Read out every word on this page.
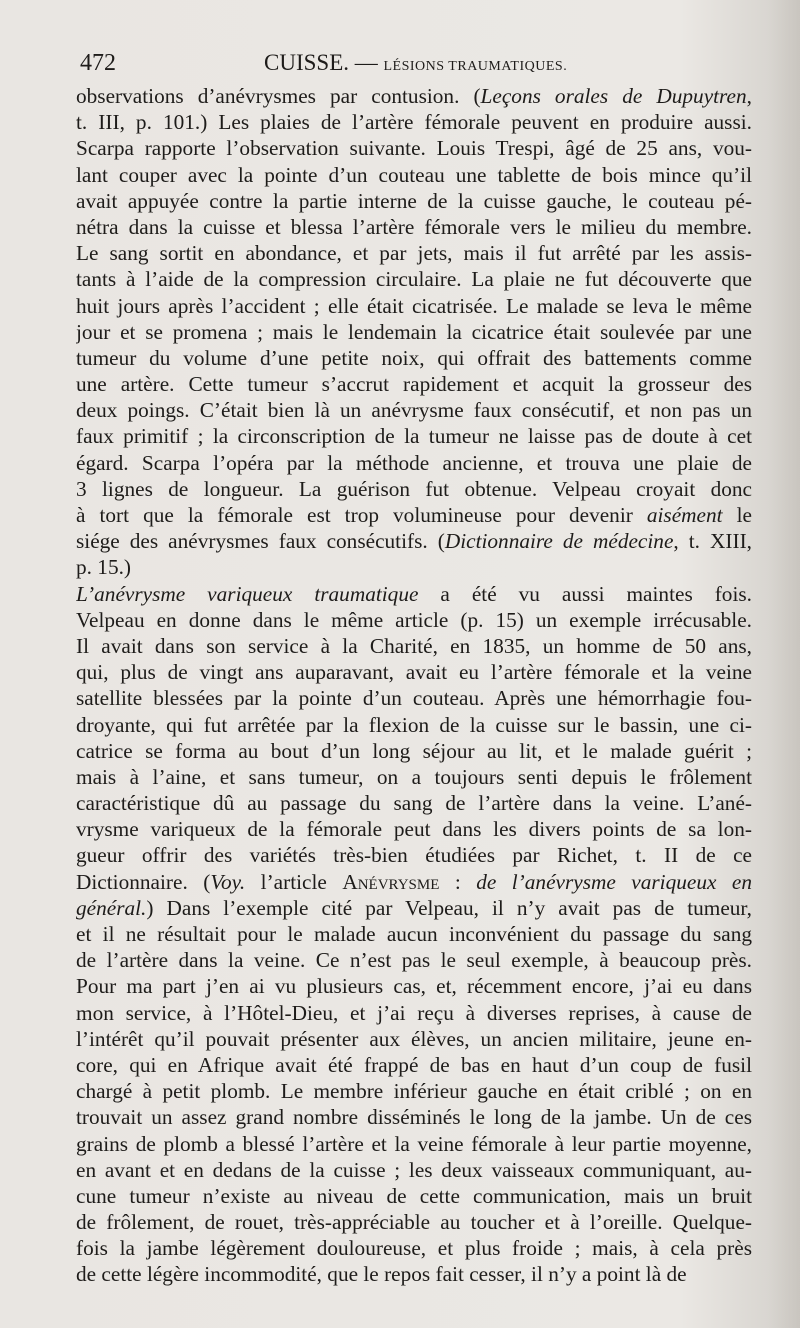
472	CUISSE. — LÉSIONS TRAUMATIQUES.
observations d’anévrysmes par contusion. (Leçons orales de Dupuytren,
t. III, p. 101.) Les plaies de l’artère fémorale peuvent en produire aussi.
Scarpa rapporte l’observation suivante. Louis Trespi, âgé de 25 ans, vou-
lant couper avec la pointe d’un couteau une tablette de bois mince qu’il
avait appuyée contre la partie interne de la cuisse gauche, le couteau pé-
nétra dans la cuisse et blessa l’artère fémorale vers le milieu du membre.
Le sang sortit en abondance, et par jets, mais il fut arrêté par les assis-
tants à l’aide de la compression circulaire. La plaie ne fut découverte que
huit jours après l’accident ; elle était cicatrisée. Le malade se leva le même
jour et se promena ; mais le lendemain la cicatrice était soulevée par une
tumeur du volume d’une petite noix, qui offrait des battements comme
une artère. Cette tumeur s’accrut rapidement et acquit la grosseur des
deux poings. C’était bien là un anévrysme faux consécutif, et non pas un
faux primitif ; la circonscription de la tumeur ne laisse pas de doute à cet
égard. Scarpa l’opéra par la méthode ancienne, et trouva une plaie de
3 lignes de longueur. La guérison fut obtenue. Velpeau croyait donc
à tort que la fémorale est trop volumineuse pour devenir aisément le
siége des anévrysmes faux consécutifs. (Dictionnaire de médecine, t. XIII,
p. 15.)
L’anévrysme variqueux traumatique a été vu aussi maintes fois.
Velpeau en donne dans le même article (p. 15) un exemple irrécusable.
Il avait dans son service à la Charité, en 1835, un homme de 50 ans,
qui, plus de vingt ans auparavant, avait eu l’artère fémorale et la veine
satellite blessées par la pointe d’un couteau. Après une hémorrhagie fou-
droyante, qui fut arrêtée par la flexion de la cuisse sur le bassin, une ci-
catrice se forma au bout d’un long séjour au lit, et le malade guérit ;
mais à l’aine, et sans tumeur, on a toujours senti depuis le frôlement
caractéristique dû au passage du sang de l’artère dans la veine. L’ané-
vrysme variqueux de la fémorale peut dans les divers points de sa lon-
gueur offrir des variétés très-bien étudiées par Richet, t. II de ce
Dictionnaire. (Voy. l’article Anévrysme : de l’anévrysme variqueux en
général.) Dans l’exemple cité par Velpeau, il n’y avait pas de tumeur,
et il ne résultait pour le malade aucun inconvénient du passage du sang
de l’artère dans la veine. Ce n’est pas le seul exemple, à beaucoup près.
Pour ma part j’en ai vu plusieurs cas, et, récemment encore, j’ai eu dans
mon service, à l’Hôtel-Dieu, et j’ai reçu à diverses reprises, à cause de
l’intérêt qu’il pouvait présenter aux élèves, un ancien militaire, jeune en-
core, qui en Afrique avait été frappé de bas en haut d’un coup de fusil
chargé à petit plomb. Le membre inférieur gauche en était criblé ; on en
trouvait un assez grand nombre disséminés le long de la jambe. Un de ces
grains de plomb a blessé l’artère et la veine fémorale à leur partie moyenne,
en avant et en dedans de la cuisse ; les deux vaisseaux communiquant, au-
cune tumeur n’existe au niveau de cette communication, mais un bruit
de frôlement, de rouet, très-appréciable au toucher et à l’oreille. Quelque-
fois la jambe légèrement douloureuse, et plus froide ; mais, à cela près
de cette légère incommodité, que le repos fait cesser, il n’y a point là de
